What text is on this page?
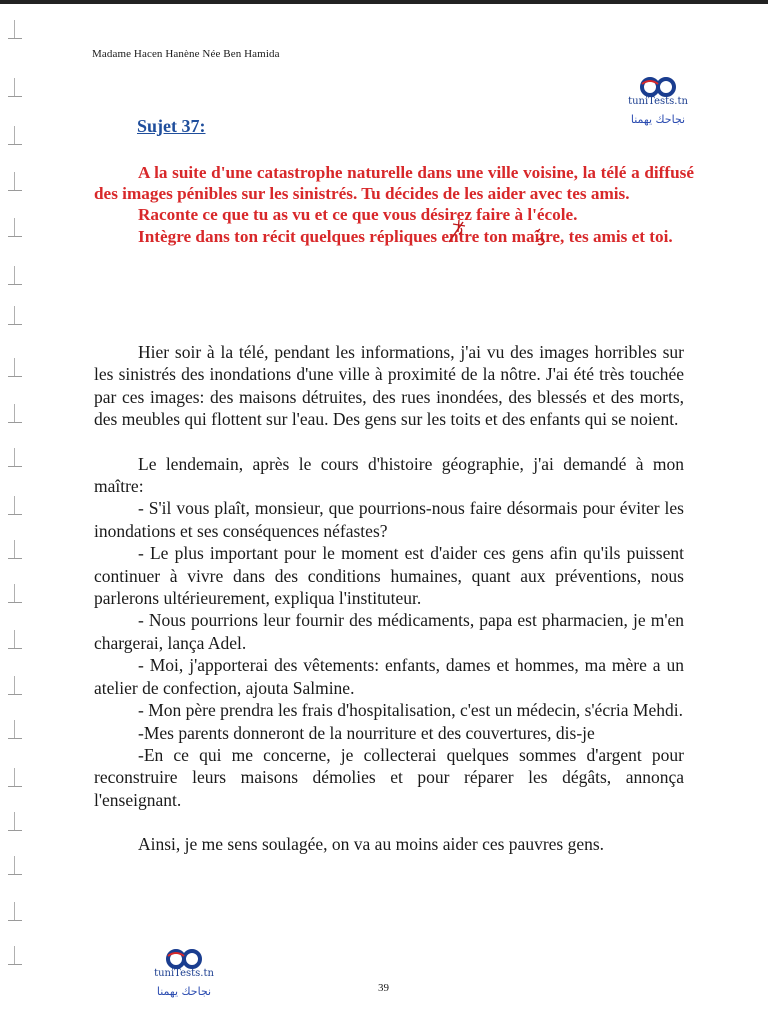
Madame Hacen Hanène Née Ben Hamida
tuniTests.tn
نجاحك يهمنا
Sujet 37:

A la suite d'une catastrophe naturelle dans une ville voisine, la télé a diffusé des images pénibles sur les sinistrés. Tu décides de les aider avec tes amis.

Raconte ce que tu as vu et ce que vous désirez faire à l'école.

Intègre dans ton récit quelques répliques entre ton maître, tes amis et toi.

Hier soir à la télé, pendant les informations, j'ai vu des images horribles sur les sinistrés des inondations d'une ville à proximité de la nôtre. J'ai été très touchée par ces images: des maisons détruites, des rues inondées, des blessés et des morts, des meubles qui flottent sur l'eau. Des gens sur les toits et des enfants qui se noient.

Le lendemain, après le cours d'histoire géographie, j'ai demandé à mon maître:

- S'il vous plaît, monsieur, que pourrions-nous faire désormais pour éviter les inondations et ses conséquences néfastes?

- Le plus important pour le moment est d'aider ces gens afin qu'ils puissent continuer à vivre dans des conditions humaines, quant aux préventions, nous parlerons ultérieurement, expliqua l'instituteur.

- Nous pourrions leur fournir des médicaments, papa est pharmacien, je m'en chargerai, lança Adel.

- Moi, j'apporterai des vêtements: enfants, dames et hommes, ma mère a un atelier de confection, ajouta Salmine.

- Mon père prendra les frais d'hospitalisation, c'est un médecin, s'écria Mehdi.

-Mes parents donneront de la nourriture et des couvertures, dis-je

-En ce qui me concerne, je collecterai quelques sommes d'argent pour reconstruire leurs maisons démolies et pour réparer les dégâts, annonça l'enseignant.

Ainsi, je me sens soulagée, on va au moins aider ces pauvres gens.

tuniTests.tn
نجاحك يهمنا	39
